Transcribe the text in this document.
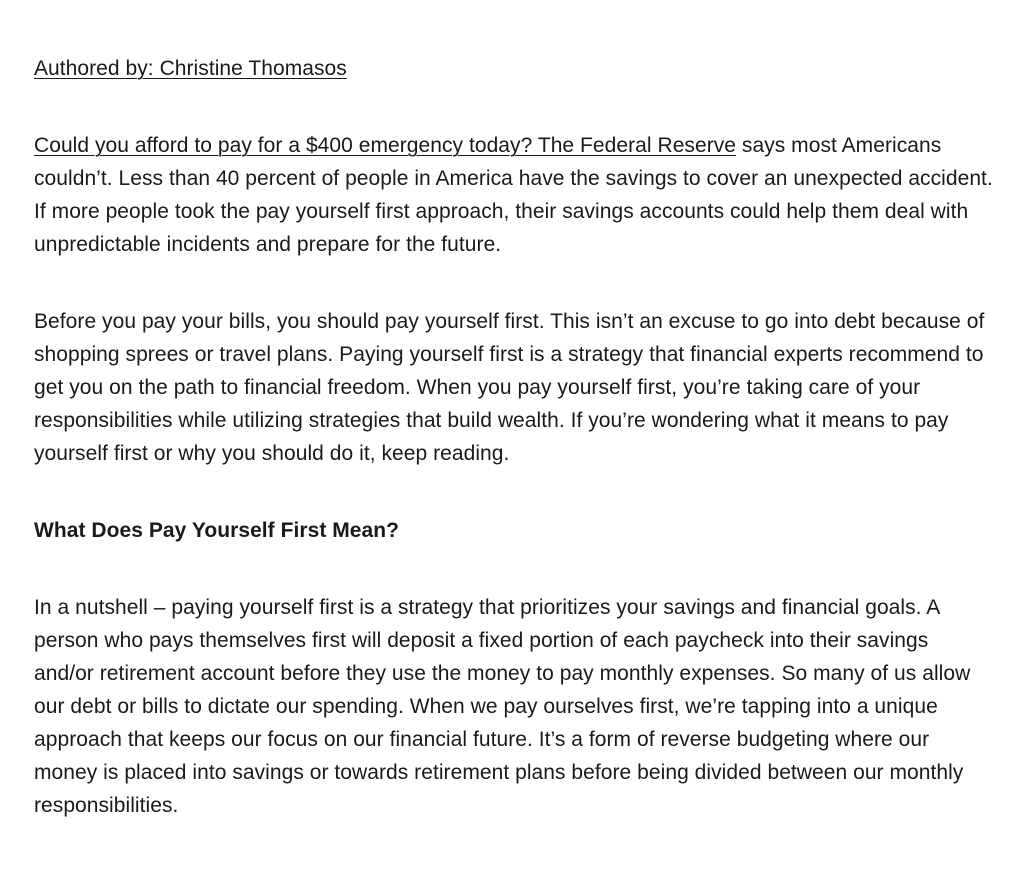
Authored by: Christine Thomasos

Could you afford to pay for a $400 emergency today? The Federal Reserve says most Americans couldn’t. Less than 40 percent of people in America have the savings to cover an unexpected accident. If more people took the pay yourself first approach, their savings accounts could help them deal with unpredictable incidents and prepare for the future.

Before you pay your bills, you should pay yourself first. This isn’t an excuse to go into debt because of shopping sprees or travel plans. Paying yourself first is a strategy that financial experts recommend to get you on the path to financial freedom. When you pay yourself first, you’re taking care of your responsibilities while utilizing strategies that build wealth. If you’re wondering what it means to pay yourself first or why you should do it, keep reading.

What Does Pay Yourself First Mean?

In a nutshell – paying yourself first is a strategy that prioritizes your savings and financial goals. A person who pays themselves first will deposit a fixed portion of each paycheck into their savings and/or retirement account before they use the money to pay monthly expenses. So many of us allow our debt or bills to dictate our spending. When we pay ourselves first, we’re tapping into a unique approach that keeps our focus on our financial future. It’s a form of reverse budgeting where our money is placed into savings or towards retirement plans before being divided between our monthly responsibilities.
